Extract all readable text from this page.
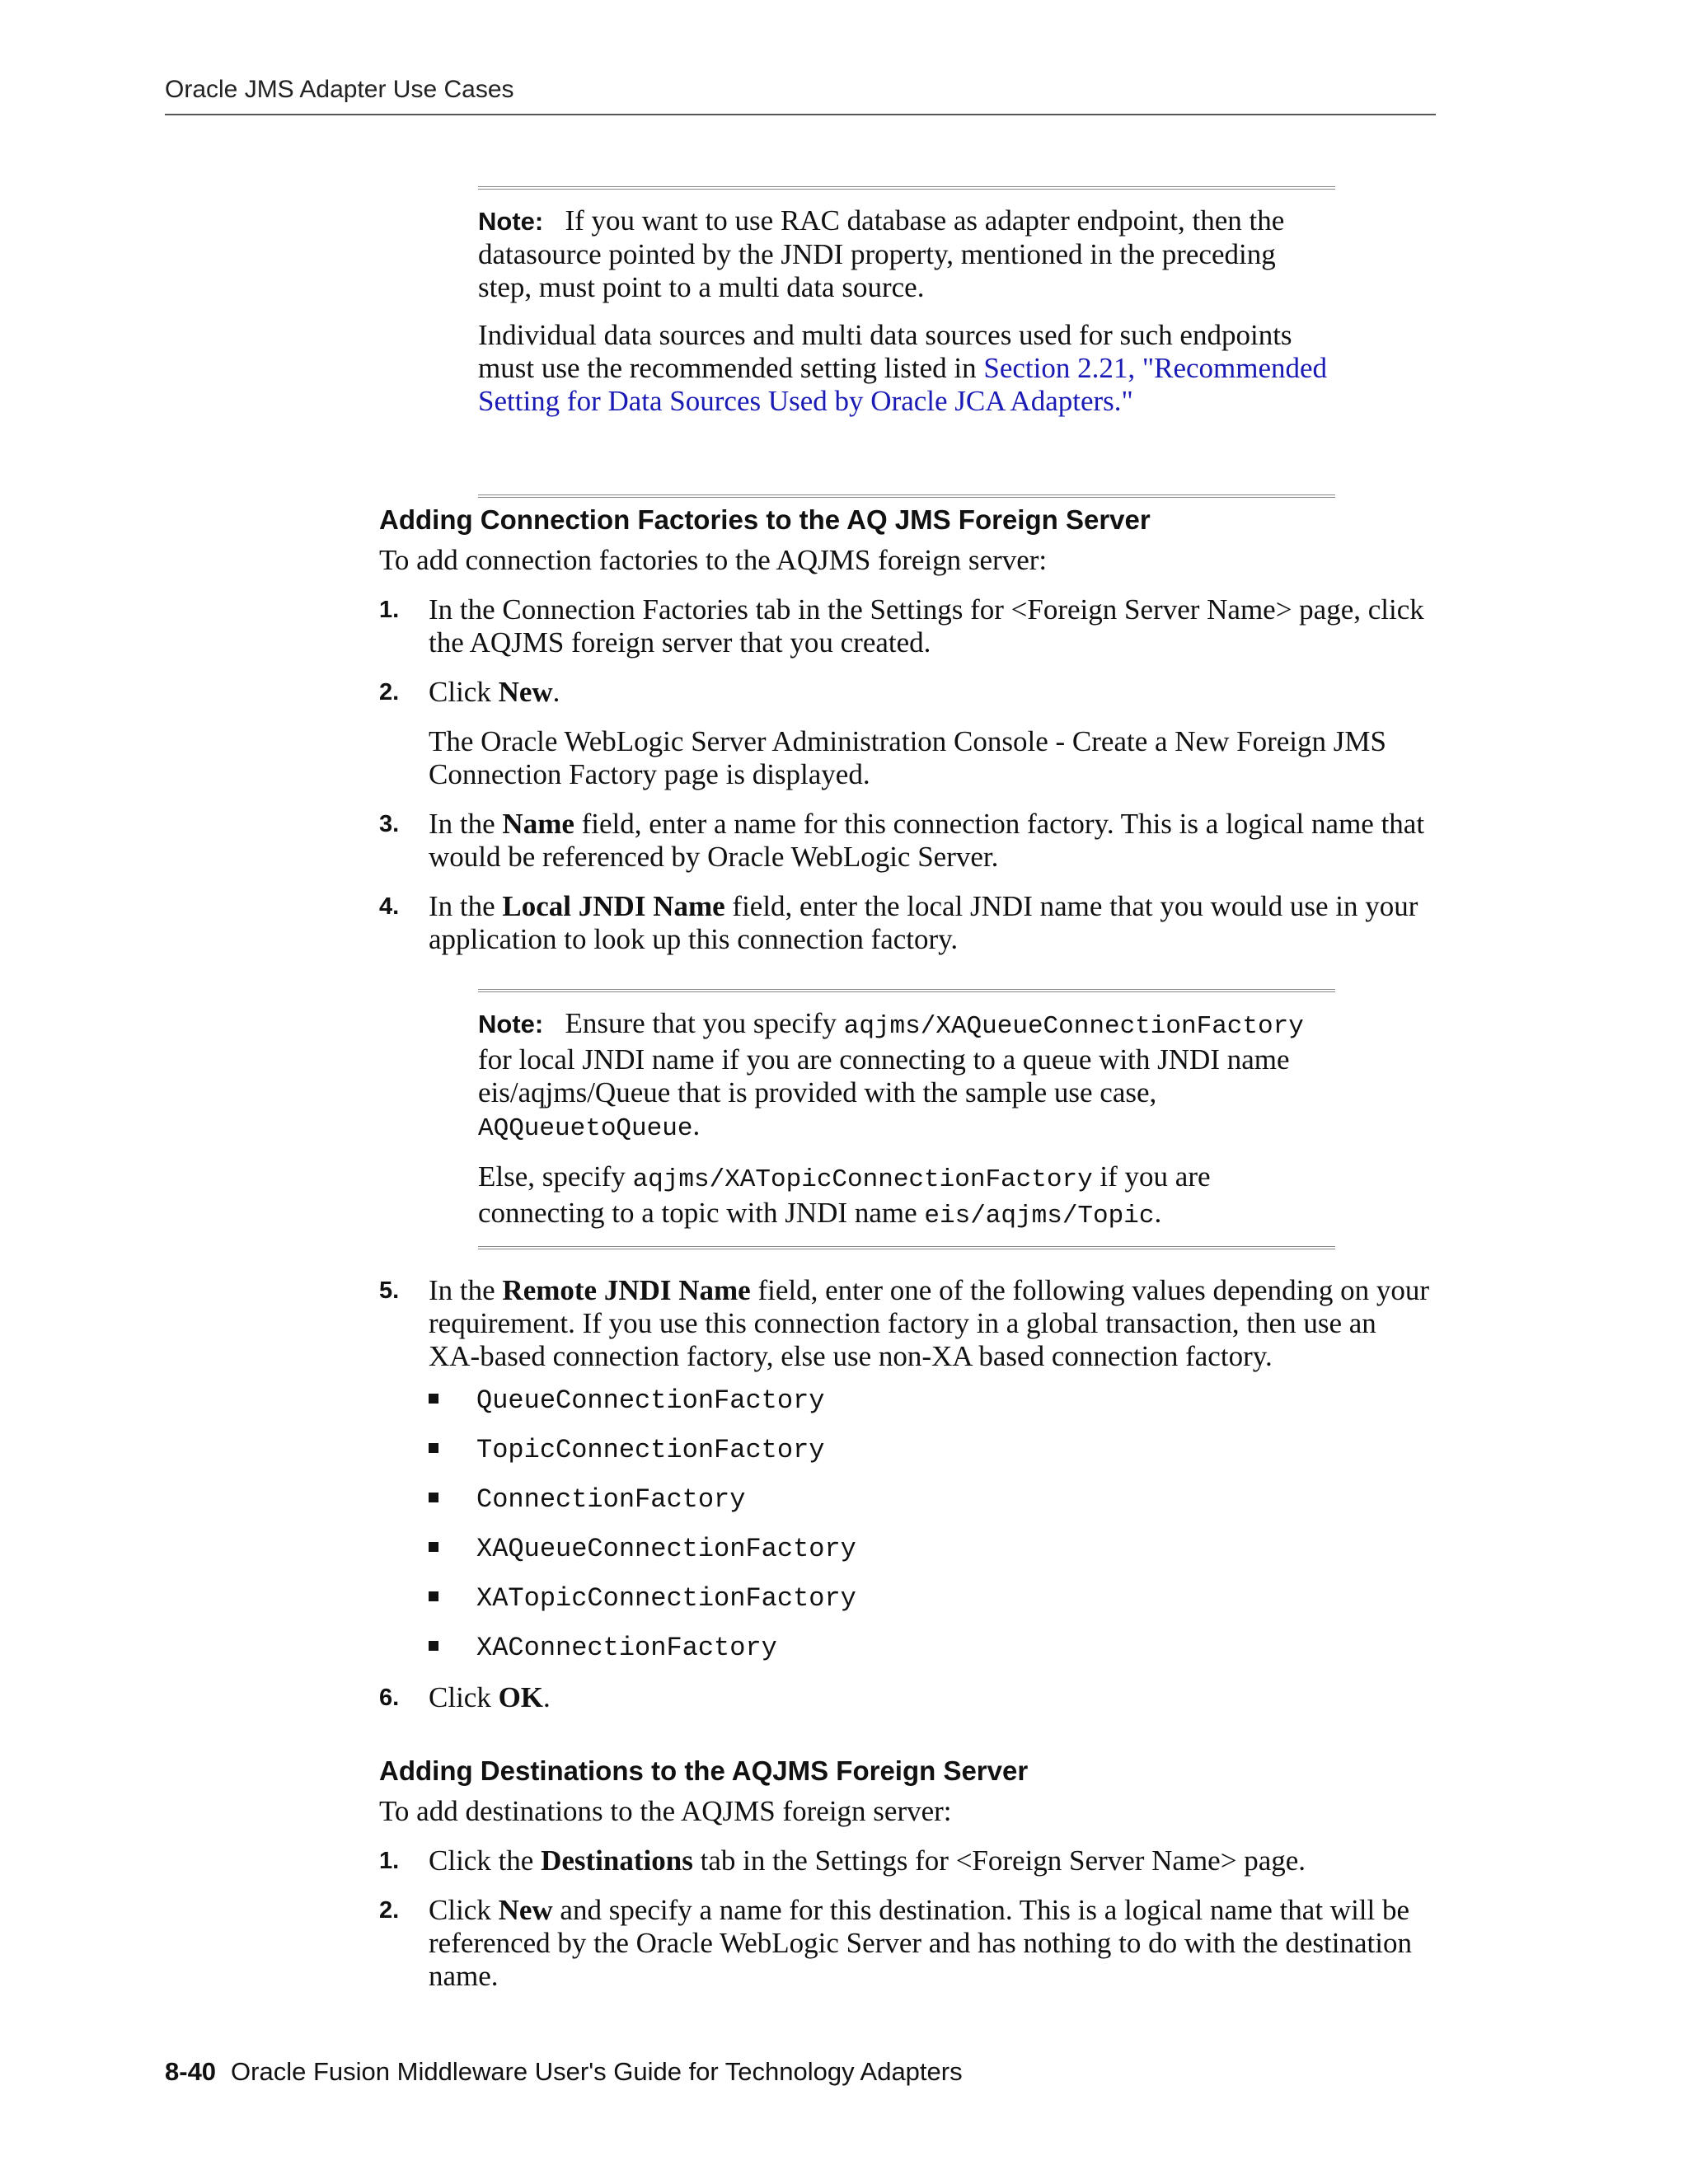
Oracle JMS Adapter Use Cases

Note: If you want to use RAC database as adapter endpoint, then the datasource pointed by the JNDI property, mentioned in the preceding step, must point to a multi data source.

Individual data sources and multi data sources used for such endpoints must use the recommended setting listed in Section 2.21, "Recommended Setting for Data Sources Used by Oracle JCA Adapters."

Adding Connection Factories to the AQ JMS Foreign Server

To add connection factories to the AQJMS foreign server:

1. In the Connection Factories tab in the Settings for <Foreign Server Name> page, click the AQJMS foreign server that you created.
2. Click New.
The Oracle WebLogic Server Administration Console - Create a New Foreign JMS Connection Factory page is displayed.
3. In the Name field, enter a name for this connection factory. This is a logical name that would be referenced by Oracle WebLogic Server.
4. In the Local JNDI Name field, enter the local JNDI name that you would use in your application to look up this connection factory.

Note: Ensure that you specify aqjms/XAQueueConnectionFactory for local JNDI name if you are connecting to a queue with JNDI name eis/aqjms/Queue that is provided with the sample use case, AQQueuetoQueue.

Else, specify aqjms/XATopicConnectionFactory if you are connecting to a topic with JNDI name eis/aqjms/Topic.

5. In the Remote JNDI Name field, enter one of the following values depending on your requirement. If you use this connection factory in a global transaction, then use an XA-based connection factory, else use non-XA based connection factory.
QueueConnectionFactory
TopicConnectionFactory
ConnectionFactory
XAQueueConnectionFactory
XATopicConnectionFactory
XAConnectionFactory
6. Click OK.
Adding Destinations to the AQJMS Foreign Server

To add destinations to the AQJMS foreign server:

1. Click the Destinations tab in the Settings for <Foreign Server Name> page.
2. Click New and specify a name for this destination. This is a logical name that will be referenced by the Oracle WebLogic Server and has nothing to do with the destination name.
8-40 Oracle Fusion Middleware User's Guide for Technology Adapters
